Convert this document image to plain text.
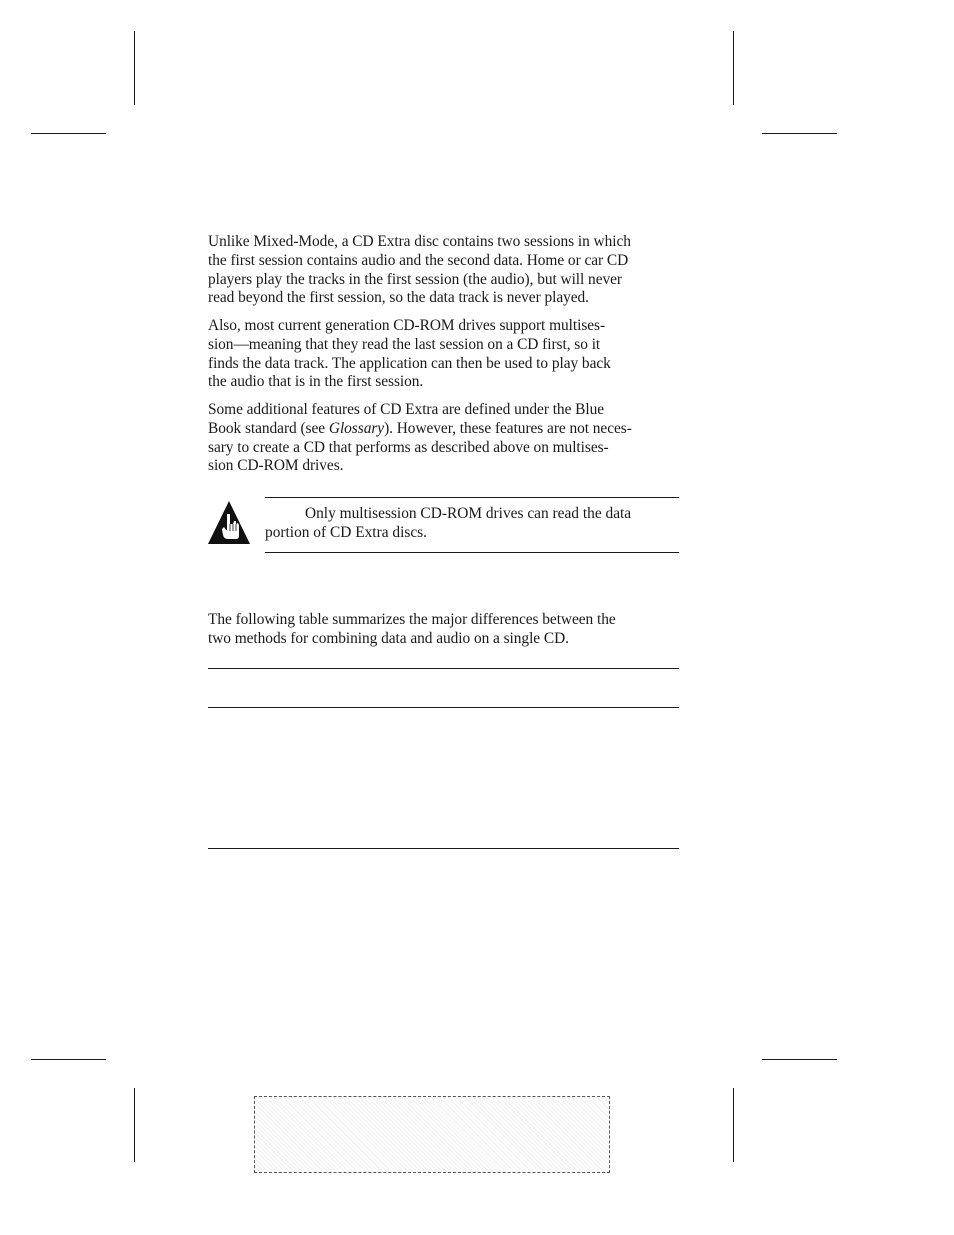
Unlike Mixed-Mode, a CD Extra disc contains two sessions in which
the first session contains audio and the second data. Home or car CD
players play the tracks in the first session (the audio), but will never
read beyond the first session, so the data track is never played.

Also, most current generation CD-ROM drives support multises-
sion—meaning that they read the last session on a CD first, so it
finds the data track. The application can then be used to play back
the audio that is in the first session.

Some additional features of CD Extra are defined under the Blue
Book standard (see Glossary). However, these features are not neces-
sary to create a CD that performs as described above on multises-
sion CD-ROM drives.

Only multisession CD-ROM drives can read the data
portion of CD Extra discs.

The following table summarizes the major differences between the
two methods for combining data and audio on a single CD.
